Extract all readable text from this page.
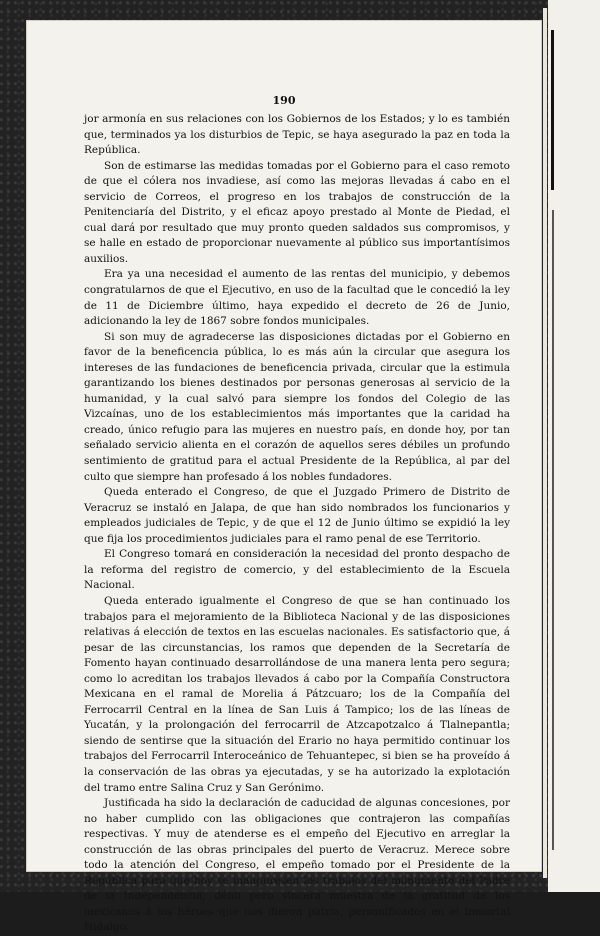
190

jor armonía en sus relaciones con los Gobiernos de los Estados; y lo es también que, terminados ya los disturbios de Tepic, se haya asegurado la paz en toda la República.

Son de estimarse las medidas tomadas por el Gobierno para el caso remoto de que el cólera nos invadiese, así como las mejoras llevadas á cabo en el servicio de Correos, el progreso en los trabajos de construcción de la Penitenciaría del Distrito, y el eficaz apoyo prestado al Monte de Piedad, el cual dará por resultado que muy pronto queden saldados sus compromisos, y se halle en estado de proporcionar nuevamente al público sus importantísimos auxilios.

Era ya una necesidad el aumento de las rentas del municipio, y debemos congratularnos de que el Ejecutivo, en uso de la facultad que le concedió la ley de 11 de Diciembre último, haya expedido el decreto de 26 de Junio, adicionando la ley de 1867 sobre fondos municipales.

Si son muy de agradecerse las disposiciones dictadas por el Gobierno en favor de la beneficencia pública, lo es más aún la circular que asegura los intereses de las fundaciones de beneficencia privada, circular que la estimula garantizando los bienes destinados por personas generosas al servicio de la humanidad, y la cual salvó para siempre los fondos del Colegio de las Vizcaínas, uno de los establecimientos más importantes que la caridad ha creado, único refugio para las mujeres en nuestro país, en donde hoy, por tan señalado servicio alienta en el corazón de aquellos seres débiles un profundo sentimiento de gratitud para el actual Presidente de la República, al par del culto que siempre han profesado á los nobles fundadores.

Queda enterado el Congreso, de que el Juzgado Primero de Distrito de Veracruz se instaló en Jalapa, de que han sido nombrados los funcionarios y empleados judiciales de Tepic, y de que el 12 de Junio último se expidió la ley que fija los procedimientos judiciales para el ramo penal de ese Territorio.

El Congreso tomará en consideración la necesidad del pronto despacho de la reforma del registro de comercio, y del establecimiento de la Escuela Nacional.

Queda enterado igualmente el Congreso de que se han continuado los trabajos para el mejoramiento de la Biblioteca Nacional y de las disposiciones relativas á elección de textos en las escuelas nacionales. Es satisfactorio que, á pesar de las circunstancias, los ramos que dependen de la Secretaría de Fomento hayan continuado desarrollándose de una manera lenta pero segura; como lo acreditan los trabajos llevados á cabo por la Compañía Constructora Mexicana en el ramal de Morelia á Pátzcuaro; los de la Compañía del Ferrocarril Central en la línea de San Luis á Tampico; los de las líneas de Yucatán, y la prolongación del ferrocarril de Atzcapotzalco á Tlalnepantla; siendo de sentirse que la situación del Erario no haya permitido continuar los trabajos del Ferrocarril Interoceánico de Tehuantepec, si bien se ha proveído á la conservación de las obras ya ejecutadas, y se ha autorizado la explotación del tramo entre Salina Cruz y San Gerónimo.

Justificada ha sido la declaración de caducidad de algunas concesiones, por no haber cumplido con las obligaciones que contrajeron las compañías respectivas. Y muy de atenderse es el empeño del Ejecutivo en arreglar la construcción de las obras principales del puerto de Veracruz. Merece sobre todo la atención del Congreso, el empeño tomado por el Presidente de la República para que hoy se inauguresen los trabajos del monumento del Padre de la Independencia, débil pero sincera muestra de la gratitud de los mexicanos á los héroes que nos dieron patria, personificados en el inmortal Hidalgo.
